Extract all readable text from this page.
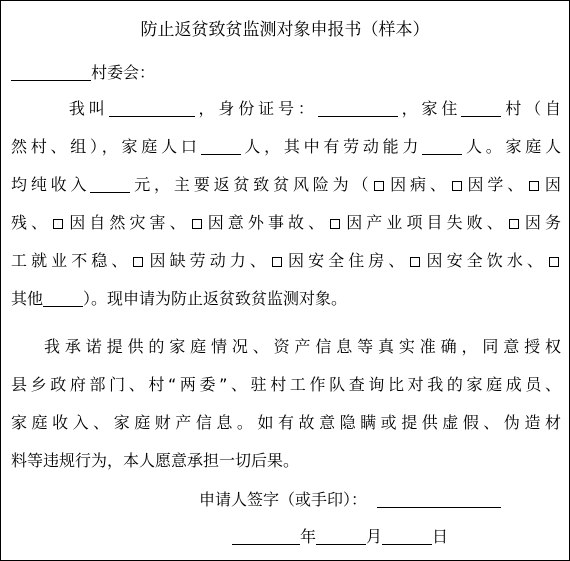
防止返贫致贫监测对象申报书（样本）
村委会：
我叫	，身份证号：	，家住	村（自
然村、组），家庭人口	人，其中有劳动能力	人。家庭人
均纯收入	元，主要返贫致贫风险为（ 因病、 因学、 因
残、 因自然灾害、 因意外事故、 因产业项目失败、 因务
工就业不稳、 因缺劳动力、 因安全住房、 因安全饮水、
其他	）。现申请为防止返贫致贫监测对象。
我承诺提供的家庭情况、资产信息等真实准确，同意授权
县乡政府部门、村“两委”、驻村工作队查询比对我的家庭成员、
家庭收入、家庭财产信息。如有故意隐瞒或提供虚假、伪造材
料等违规行为，本人愿意承担一切后果。
申请人签字（或手印）：
年	月	日
